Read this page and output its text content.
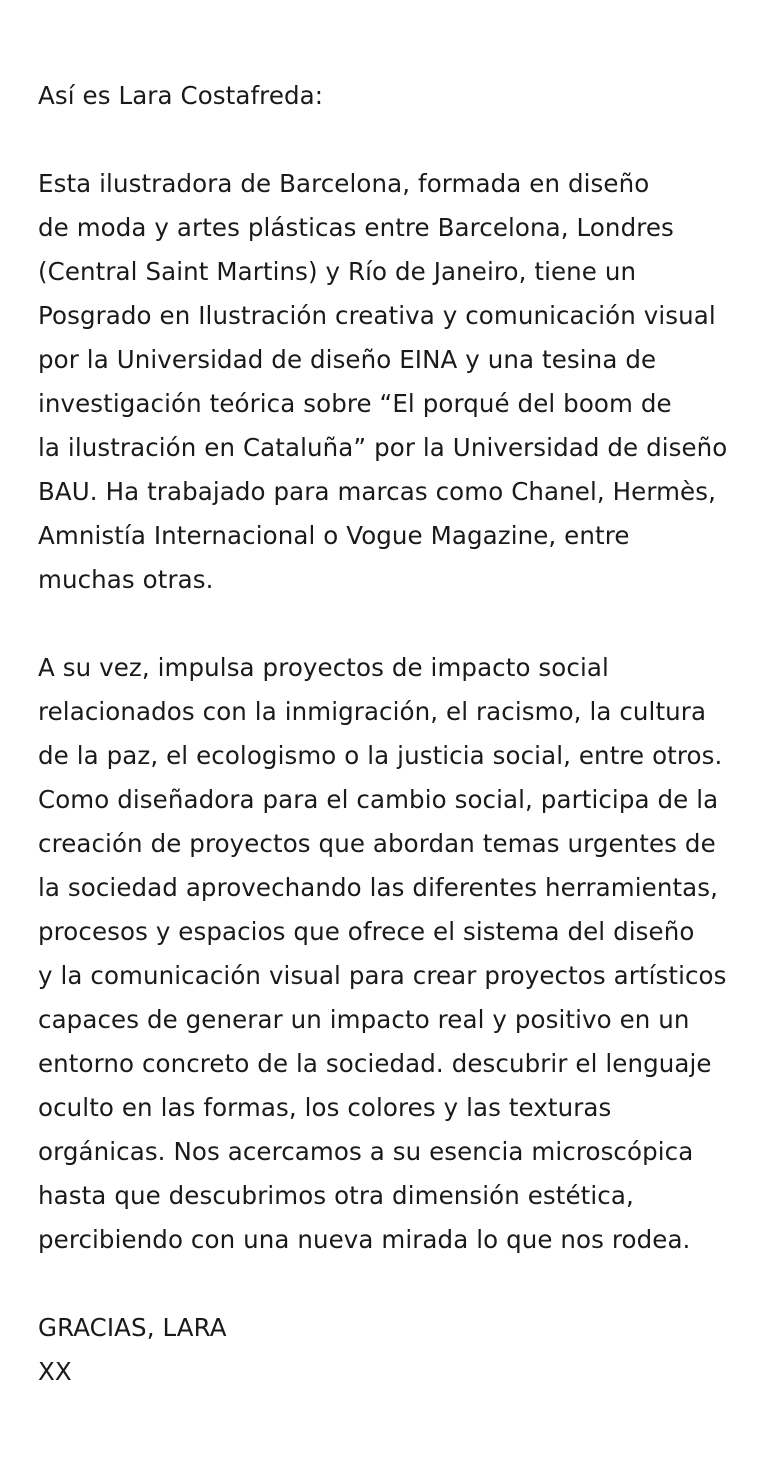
Así es Lara Costafreda:

Esta ilustradora de Barcelona, formada en diseño
de moda y artes plásticas entre Barcelona, Londres
(Central Saint Martins) y Río de Janeiro, tiene un
Posgrado en Ilustración creativa y comunicación visual
por la Universidad de diseño EINA y una tesina de
investigación teórica sobre “El porqué del boom de
la ilustración en Cataluña” por la Universidad de diseño
BAU. Ha trabajado para marcas como Chanel, Hermès,
Amnistía Internacional o Vogue Magazine, entre
muchas otras.

A su vez, impulsa proyectos de impacto social
relacionados con la inmigración, el racismo, la cultura
de la paz, el ecologismo o la justicia social, entre otros.
Como diseñadora para el cambio social, participa de la
creación de proyectos que abordan temas urgentes de
la sociedad aprovechando las diferentes herramientas,
procesos y espacios que ofrece el sistema del diseño
y la comunicación visual para crear proyectos artísticos
capaces de generar un impacto real y positivo en un
entorno concreto de la sociedad. descubrir el lenguaje
oculto en las formas, los colores y las texturas
orgánicas. Nos acercamos a su esencia microscópica
hasta que descubrimos otra dimensión estética,
percibiendo con una nueva mirada lo que nos rodea.

GRACIAS, LARA
XX
